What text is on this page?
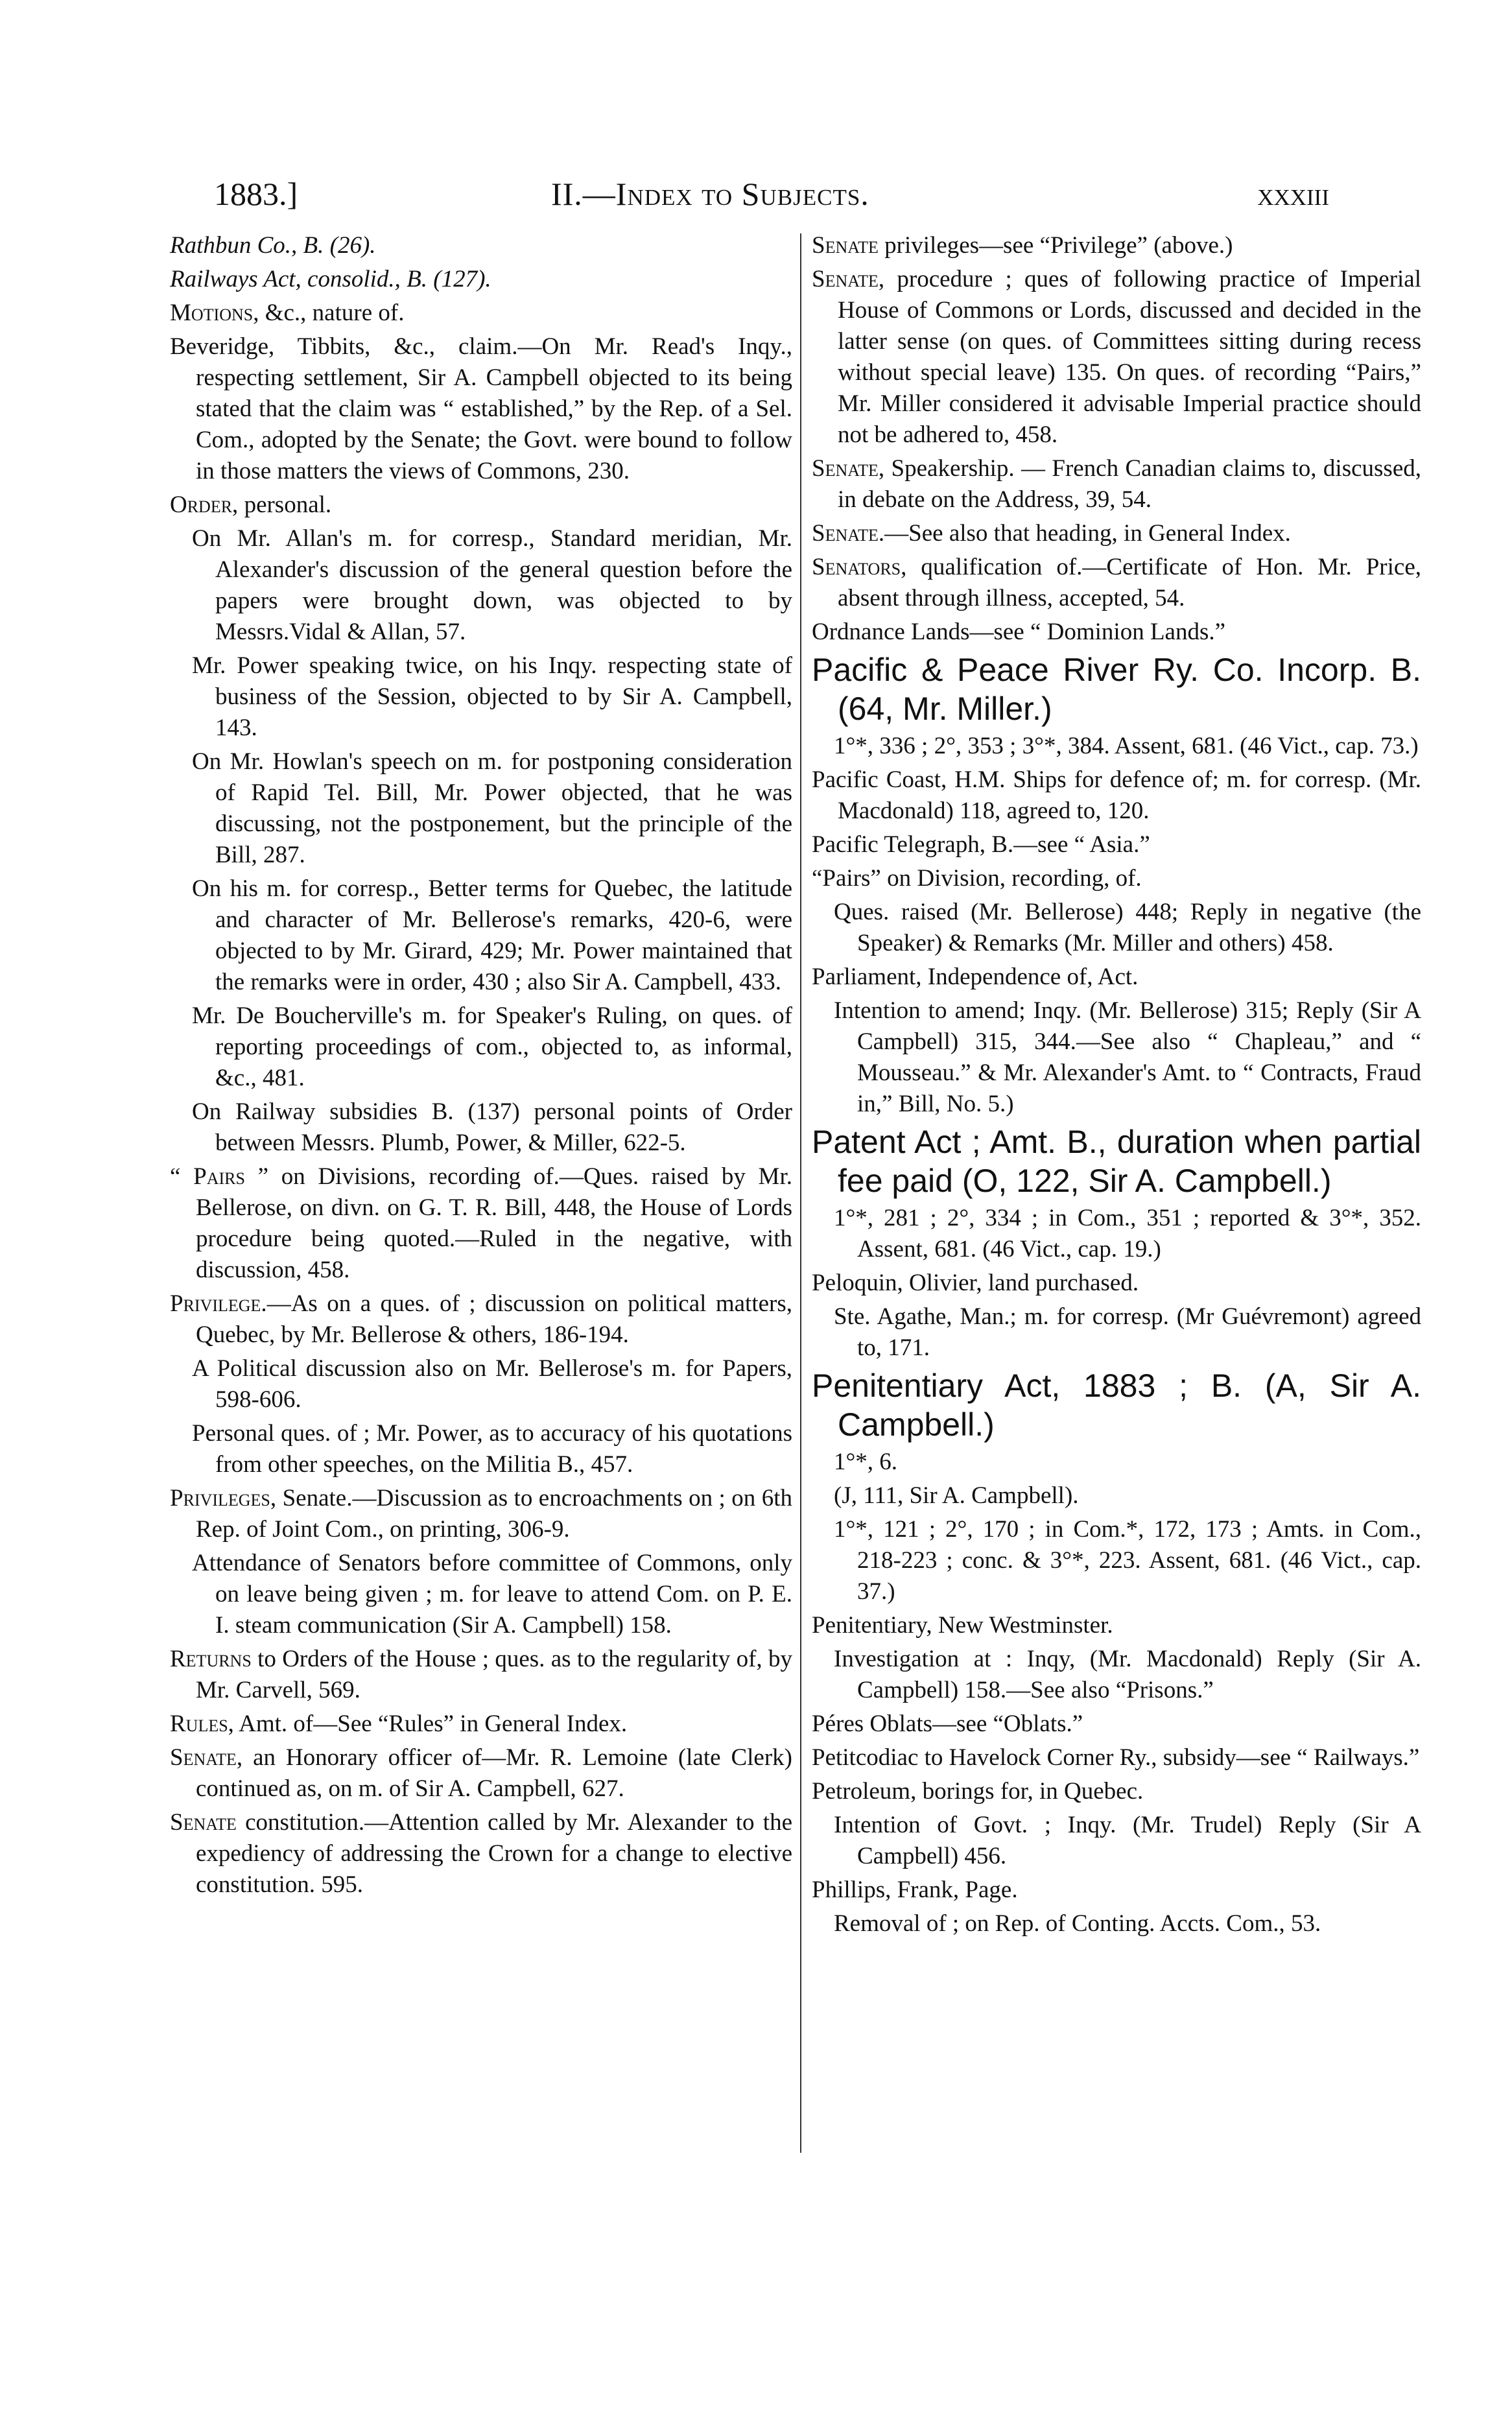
1883.]	II.—Index to Subjects.	xxxiii
Rathbun Co., B. (26).
Railways Act, consolid., B. (127).
Motions, &c., nature of.
Beveridge, Tibbits, &c., claim.—On Mr. Read's Inqy., respecting settlement, Sir A. Campbell objected to its being stated that the claim was “ established,” by the Rep. of a Sel. Com., adopted by the Senate; the Govt. were bound to follow in those matters the views of Commons, 230.
Order, personal.
On Mr. Allan's m. for corresp., Standard meridian, Mr. Alexander's discussion of the general question before the papers were brought down, was objected to by Messrs.Vidal & Allan, 57.
Mr. Power speaking twice, on his Inqy. respecting state of business of the Session, objected to by Sir A. Campbell, 143.
On Mr. Howlan's speech on m. for postponing consideration of Rapid Tel. Bill, Mr. Power objected, that he was discussing, not the postponement, but the principle of the Bill, 287.
On his m. for corresp., Better terms for Quebec, the latitude and character of Mr. Bellerose's remarks, 420-6, were objected to by Mr. Girard, 429; Mr. Power maintained that the remarks were in order, 430 ; also Sir A. Campbell, 433.
Mr. De Boucherville's m. for Speaker's Ruling, on ques. of reporting proceedings of com., objected to, as informal, &c., 481.
On Railway subsidies B. (137) personal points of Order between Messrs. Plumb, Power, & Miller, 622-5.
“ Pairs ” on Divisions, recording of.—Ques. raised by Mr. Bellerose, on divn. on G. T. R. Bill, 448, the House of Lords procedure being quoted.—Ruled in the negative, with discussion, 458.
Privilege.—As on a ques. of ; discussion on political matters, Quebec, by Mr. Bellerose & others, 186-194.
A Political discussion also on Mr. Bellerose's m. for Papers, 598-606.
Personal ques. of ; Mr. Power, as to accuracy of his quotations from other speeches, on the Militia B., 457.
Privileges, Senate.—Discussion as to encroachments on ; on 6th Rep. of Joint Com., on printing, 306-9.
Attendance of Senators before committee of Commons, only on leave being given ; m. for leave to attend Com. on P. E. I. steam communication (Sir A. Campbell) 158.
Returns to Orders of the House ; ques. as to the regularity of, by Mr. Carvell, 569.
Rules, Amt. of—See “Rules” in General Index.
Senate, an Honorary officer of—Mr. R. Lemoine (late Clerk) continued as, on m. of Sir A. Campbell, 627.
Senate constitution.—Attention called by Mr. Alexander to the expediency of addressing the Crown for a change to elective constitution. 595.
Senate privileges—see “Privilege” (above.)
Senate, procedure ; ques of following practice of Imperial House of Commons or Lords, discussed and decided in the latter sense (on ques. of Committees sitting during recess without special leave) 135. On ques. of recording “Pairs,” Mr. Miller considered it advisable Imperial practice should not be adhered to, 458.
Senate, Speakership. — French Canadian claims to, discussed, in debate on the Address, 39, 54.
Senate.—See also that heading, in General Index.
Senators, qualification of.—Certificate of Hon. Mr. Price, absent through illness, accepted, 54.
Ordnance Lands—see “ Dominion Lands.”
Pacific & Peace River Ry. Co. Incorp. B. (64, Mr. Miller.)
1°*, 336 ; 2°, 353 ; 3°*, 384. Assent, 681. (46 Vict., cap. 73.)
Pacific Coast, H.M. Ships for defence of; m. for corresp. (Mr. Macdonald) 118, agreed to, 120.
Pacific Telegraph, B.—see “ Asia.”
“Pairs” on Division, recording, of.
Ques. raised (Mr. Bellerose) 448; Reply in negative (the Speaker) & Remarks (Mr. Miller and others) 458.
Parliament, Independence of, Act.
Intention to amend; Inqy. (Mr. Bellerose) 315; Reply (Sir A Campbell) 315, 344.—See also “ Chapleau,” and “ Mousseau.” & Mr. Alexander's Amt. to “ Contracts, Fraud in,” Bill, No. 5.)
Patent Act ; Amt. B., duration when partial fee paid (O, 122, Sir A. Campbell.)
1°*, 281 ; 2°, 334 ; in Com., 351 ; reported & 3°*, 352. Assent, 681. (46 Vict., cap. 19.)
Peloquin, Olivier, land purchased.
Ste. Agathe, Man.; m. for corresp. (Mr Guévremont) agreed to, 171.
Penitentiary Act, 1883 ; B. (A, Sir A. Campbell.)
1°*, 6.
(J, 111, Sir A. Campbell).
1°*, 121 ; 2°, 170 ; in Com.*, 172, 173 ; Amts. in Com., 218-223 ; conc. & 3°*, 223. Assent, 681. (46 Vict., cap. 37.)
Penitentiary, New Westminster.
Investigation at : Inqy, (Mr. Macdonald) Reply (Sir A. Campbell) 158.—See also “Prisons.”
Péres Oblats—see “Oblats.”
Petitcodiac to Havelock Corner Ry., subsidy—see “ Railways.”
Petroleum, borings for, in Quebec.
Intention of Govt. ; Inqy. (Mr. Trudel) Reply (Sir A Campbell) 456.
Phillips, Frank, Page.
Removal of ; on Rep. of Conting. Accts. Com., 53.
